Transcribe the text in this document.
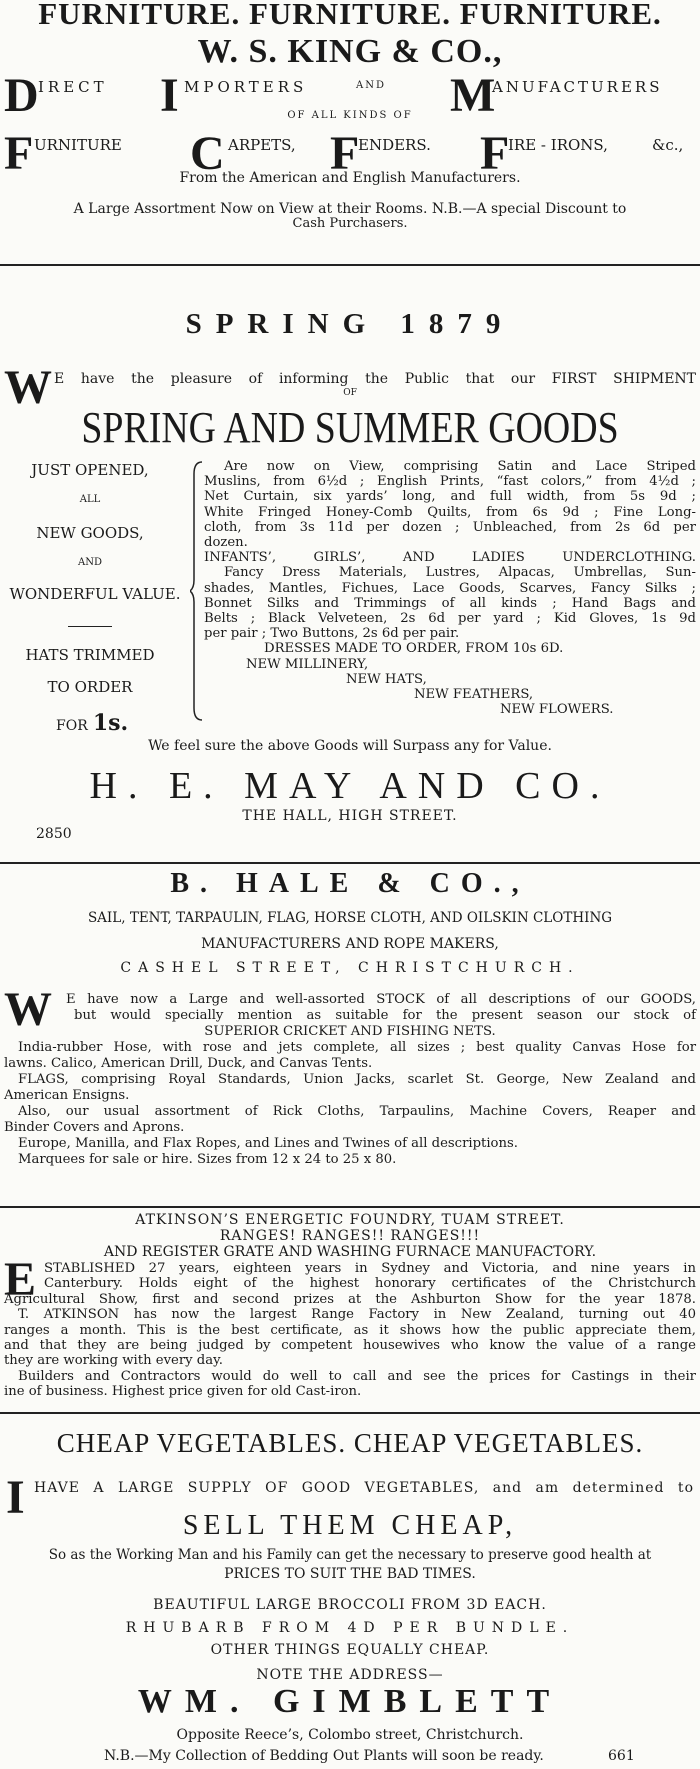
FURNITURE. FURNITURE. FURNITURE.
W. S. KING & CO.,
D IRECT I MPORTERS	AND M
ANUFACTURERS
OF ALL KINDS OF
F URNITURE C ARPETS, F
ENDERS. F
IRE - IRONS,	&c.,
From the American and English Manufacturers.
A Large Assortment Now on View at their Rooms. N.B.—A special Discount to
Cash Purchasers.
SPRING 1879
W E have the pleasure of informing the Public that our FIRST SHIPMENT
OF
SPRING AND SUMMER GOODS
JUST OPENED,
ALL
NEW GOODS,
AND
WONDERFUL VALUE.
HATS TRIMMED
TO ORDER
FOR 1s.
Are now on View, comprising Satin and Lace Striped
Muslins, from 6½d ; English Prints, “fast colors,” from 4½d ;
Net Curtain, six yards’ long, and full width, from 5s 9d ;
White Fringed Honey-Comb Quilts, from 6s 9d ; Fine Long-
cloth, from 3s 11d per dozen ; Unbleached, from 2s 6d per
dozen.
INFANTS’, GIRLS’, AND LADIES UNDERCLOTHING.
Fancy Dress Materials, Lustres, Alpacas, Umbrellas, Sun-
shades, Mantles, Fichues, Lace Goods, Scarves, Fancy Silks ;
Bonnet Silks and Trimmings of all kinds ; Hand Bags and
Belts ; Black Velveteen, 2s 6d per yard ; Kid Gloves, 1s 9d
per pair ; Two Buttons, 2s 6d per pair.
DRESSES MADE TO ORDER, FROM 10s 6D.
NEW MILLINERY,
NEW HATS,
NEW FEATHERS,
NEW FLOWERS.
We feel sure the above Goods will Surpass any for Value.
H. E. MAY AND CO.
THE HALL, HIGH STREET.
2850
B. HALE & CO.,
SAIL, TENT, TARPAULIN, FLAG, HORSE CLOTH, AND OILSKIN CLOTHING
MANUFACTURERS AND ROPE MAKERS,
CASHEL STREET, CHRISTCHURCH.
W	E have now a Large and well-assorted STOCK of all descriptions of our GOODS,
but would specially mention as suitable for the present season our stock of
SUPERIOR CRICKET AND FISHING NETS.
India-rubber Hose, with rose and jets complete, all sizes ; best quality Canvas Hose for
lawns. Calico, American Drill, Duck, and Canvas Tents.
FLAGS, comprising Royal Standards, Union Jacks, scarlet St. George, New Zealand and
American Ensigns.
Also, our usual assortment of Rick Cloths, Tarpaulins, Machine Covers, Reaper and
Binder Covers and Aprons.
Europe, Manilla, and Flax Ropes, and Lines and Twines of all descriptions.
Marquees for sale or hire. Sizes from 12 x 24 to 25 x 80.
ATKINSON’S ENERGETIC FOUNDRY, TUAM STREET.
RANGES! RANGES!! RANGES!!!
AND REGISTER GRATE AND WASHING FURNACE MANUFACTORY.
E STABLISHED 27 years, eighteen years in Sydney and Victoria, and nine years in
Canterbury. Holds eight of the highest honorary certificates of the Christchurch
Agricultural Show, first and second prizes at the Ashburton Show for the year 1878.
T. ATKINSON has now the largest Range Factory in New Zealand, turning out 40
ranges a month. This is the best certificate, as it shows how the public appreciate them,
and that they are being judged by competent housewives who know the value of a range
they are working with every day.
Builders and Contractors would do well to call and see the prices for Castings in their
ine of business. Highest price given for old Cast-iron.
CHEAP VEGETABLES. CHEAP VEGETABLES.
I HAVE A LARGE SUPPLY OF GOOD VEGETABLES, and am determined to
SELL THEM CHEAP,
So as the Working Man and his Family can get the necessary to preserve good health at
PRICES TO SUIT THE BAD TIMES.
BEAUTIFUL LARGE BROCCOLI FROM 3D EACH.
RHUBARB FROM 4D PER BUNDLE.
OTHER THINGS EQUALLY CHEAP.
NOTE THE ADDRESS—
WM. GIMBLETT
Opposite Reece’s, Colombo street, Christchurch.
N.B.—My Collection of Bedding Out Plants will soon be ready.	661
